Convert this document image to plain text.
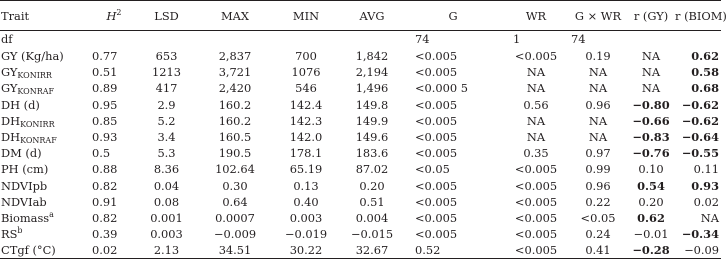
Trait	$H^2$	LSD	MAX	MIN	AVG	G	WR	G × WR	r (GY)	r (BIOM)
df						74	1	74		
GY (Kg/ha)	0.77	653	2,837	700	1,842	<0.005	<0.005	0.19	NA	0.62
$GY_{KONIRR}$	0.51	1213	3,721	1076	2,194	<0.005	NA	NA	NA	0.58
$GY_{KONRAF}$	0.89	417	2,420	546	1,496	<0.000 5	NA	NA	NA	0.68
DH (d)	0.95	2.9	160.2	142.4	149.8	<0.005	0.56	0.96	−0.80	−0.62
$DH_{KONIRR}$	0.85	5.2	160.2	142.3	149.9	<0.005	NA	NA	−0.66	−0.62
$DH_{KONRAF}$	0.93	3.4	160.5	142.0	149.6	<0.005	NA	NA	−0.83	−0.64
DM (d)	0.5	5.3	190.5	178.1	183.6	<0.005	0.35	0.97	−0.76	−0.55
PH (cm)	0.88	8.36	102.64	65.19	87.02	<0.05	<0.005	0.99	0.10	0.11
NDVIpb	0.82	0.04	0.30	0.13	0.20	<0.005	<0.005	0.96	0.54	0.93
NDVIab	0.91	0.08	0.64	0.40	0.51	<0.005	<0.005	0.22	0.20	0.02
Biomass$^a$	0.82	0.001	0.0007	0.003	0.004	<0.005	<0.005	<0.05	0.62	NA
$RS^b$	0.39	0.003	−0.009	−0.019	−0.015	<0.005	<0.005	0.24	−0.01	−0.34
CTgf (°C)	0.02	2.13	34.51	30.22	32.67	0.52	<0.005	0.41	−0.28	−0.09
